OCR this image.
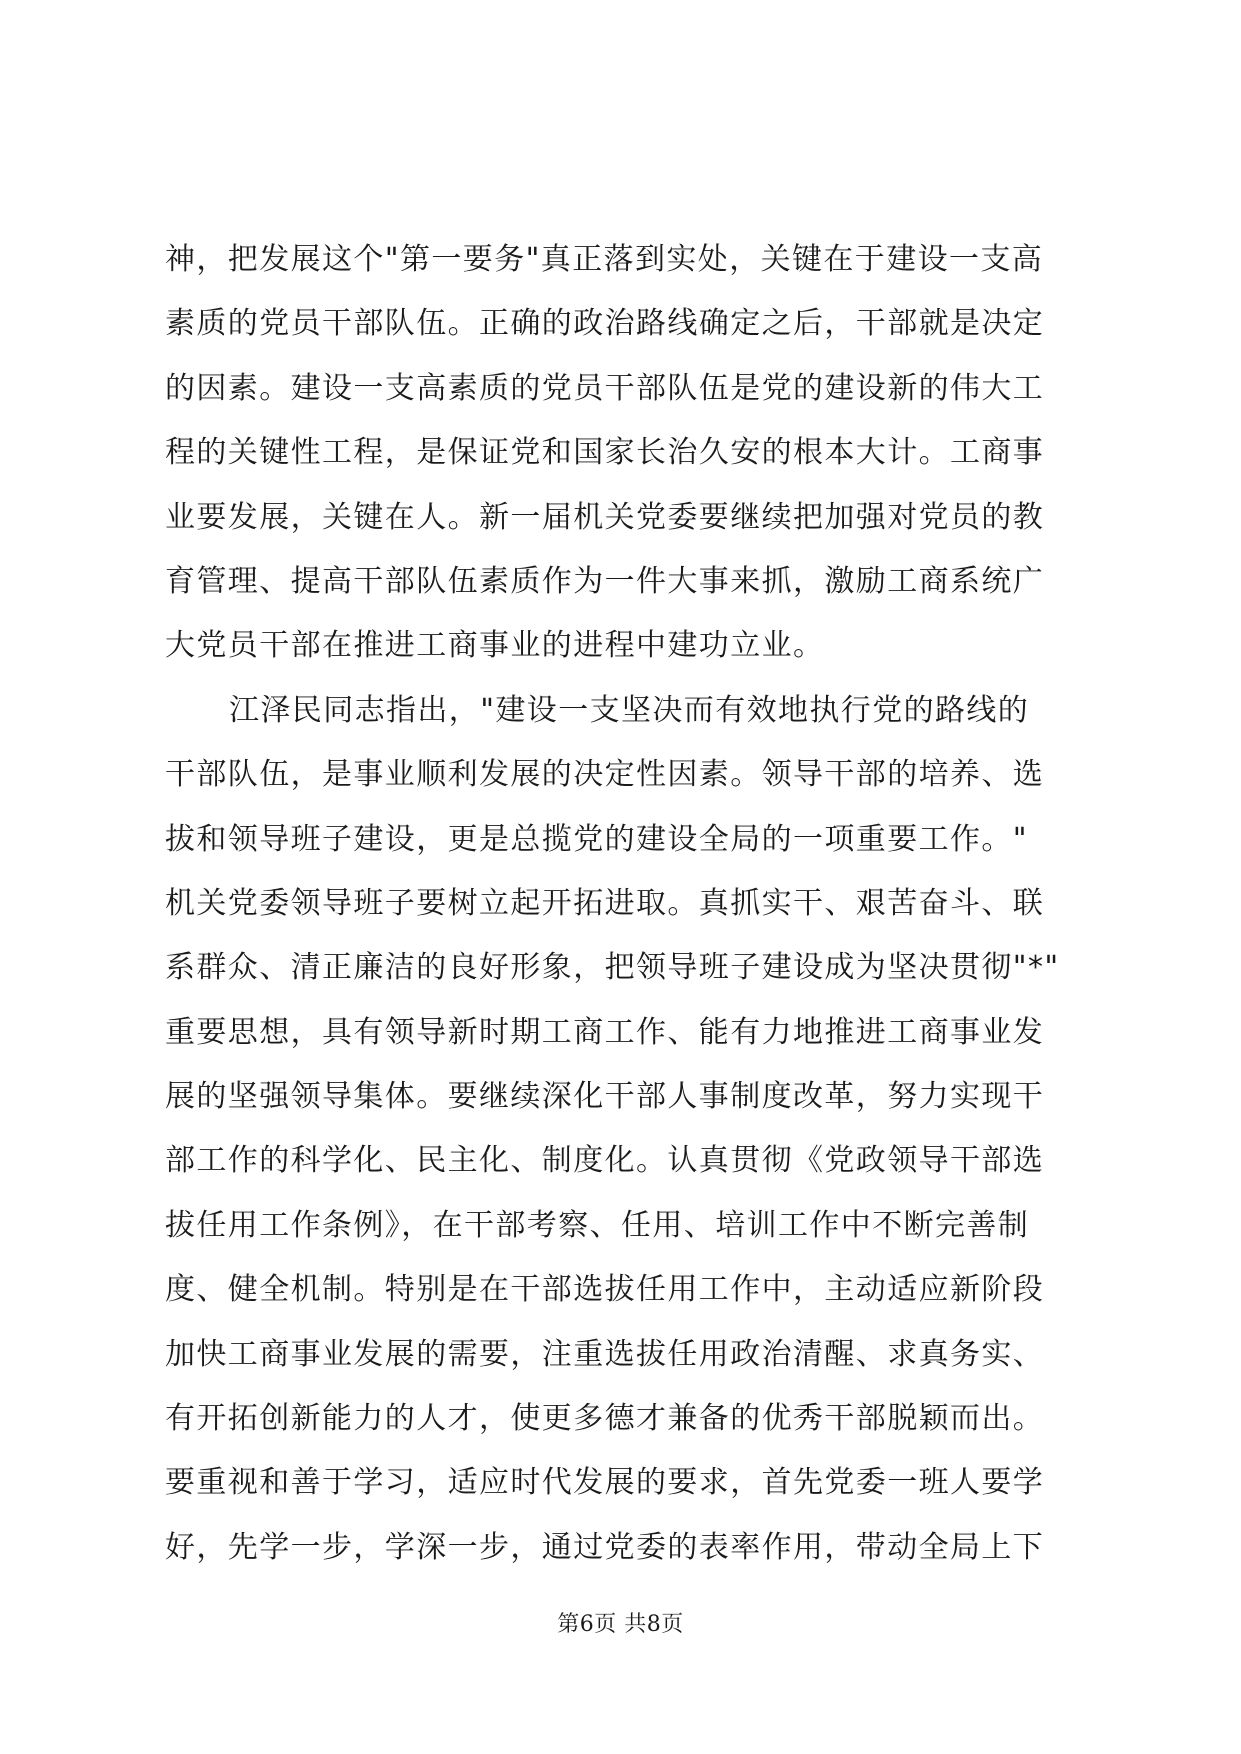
神，把发展这个"第一要务"真正落到实处，关键在于建设一支高
素质的党员干部队伍。正确的政治路线确定之后，干部就是决定
的因素。建设一支高素质的党员干部队伍是党的建设新的伟大工
程的关键性工程，是保证党和国家长治久安的根本大计。工商事
业要发展，关键在人。新一届机关党委要继续把加强对党员的教
育管理、提高干部队伍素质作为一件大事来抓，激励工商系统广
大党员干部在推进工商事业的进程中建功立业。
江泽民同志指出，"建设一支坚决而有效地执行党的路线的
干部队伍，是事业顺利发展的决定性因素。领导干部的培养、选
拔和领导班子建设，更是总揽党的建设全局的一项重要工作。"
机关党委领导班子要树立起开拓进取。真抓实干、艰苦奋斗、联
系群众、清正廉洁的良好形象，把领导班子建设成为坚决贯彻"*"
重要思想，具有领导新时期工商工作、能有力地推进工商事业发
展的坚强领导集体。要继续深化干部人事制度改革，努力实现干
部工作的科学化、民主化、制度化。认真贯彻《党政领导干部选
拔任用工作条例》，在干部考察、任用、培训工作中不断完善制
度、健全机制。特别是在干部选拔任用工作中，主动适应新阶段
加快工商事业发展的需要，注重选拔任用政治清醒、求真务实、
有开拓创新能力的人才，使更多德才兼备的优秀干部脱颖而出。
要重视和善于学习，适应时代发展的要求，首先党委一班人要学
好，先学一步，学深一步，通过党委的表率作用，带动全局上下
第6页 共8页
